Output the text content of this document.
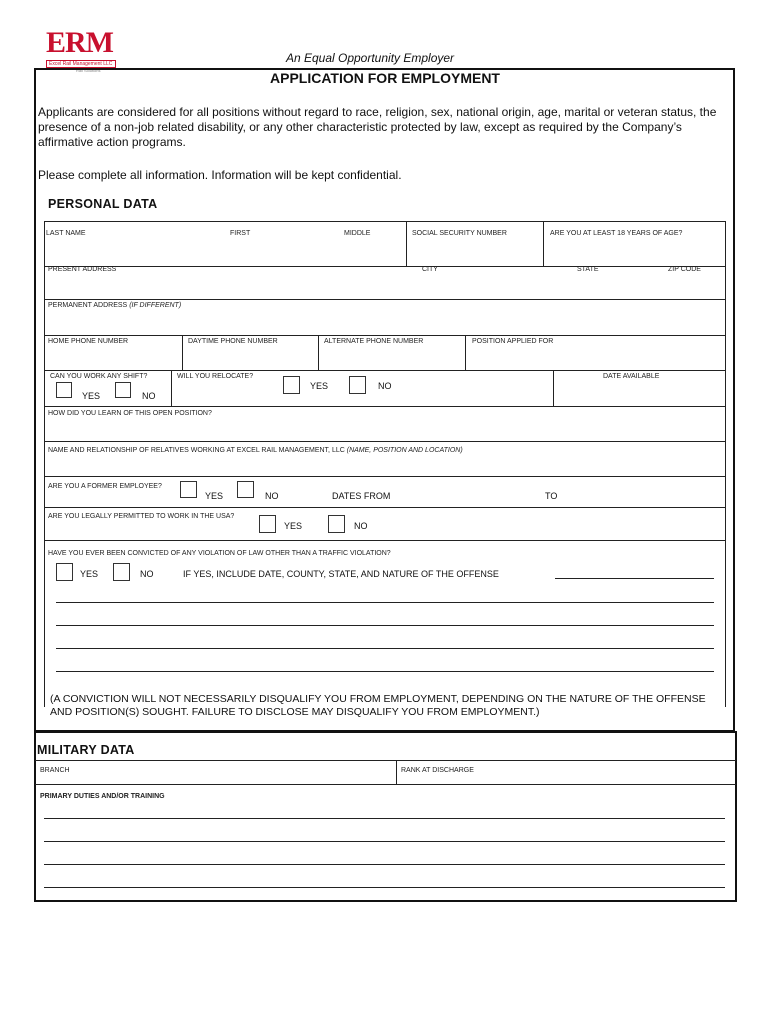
ERM
Excel Rail Management LLC
Rail Solutions
An Equal Opportunity Employer
APPLICATION FOR EMPLOYMENT
Applicants are considered for all positions without regard to race, religion, sex, national origin, age, marital or veteran status, the presence of a non-job related disability, or any other characteristic protected by law, except as required by the Company’s affirmative action programs.
Please complete all information. Information will be kept confidential.
PERSONAL DATA
LAST NAME	FIRST	MIDDLE	SOCIAL SECURITY NUMBER	ARE YOU AT LEAST 18 YEARS OF AGE?
PRESENT ADDRESS	CITY	STATE	ZIP CODE
PERMANENT ADDRESS (IF DIFFERENT)
HOME PHONE NUMBER	DAYTIME PHONE NUMBER	ALTERNATE PHONE NUMBER	POSITION APPLIED FOR
CAN YOU WORK ANY SHIFT?
YES	NO
WILL YOU RELOCATE?
YES	NO
DATE AVAILABLE
HOW DID YOU LEARN OF THIS OPEN POSITION?
NAME AND RELATIONSHIP OF RELATIVES WORKING AT EXCEL RAIL MANAGEMENT, LLC (NAME, POSITION AND LOCATION)
ARE YOU A FORMER EMPLOYEE?
YES	NO	DATES FROM	TO
ARE YOU LEGALLY PERMITTED TO WORK IN THE USA?
YES	NO
HAVE YOU EVER BEEN CONVICTED OF ANY VIOLATION OF LAW OTHER THAN A TRAFFIC VIOLATION?
YES	NO	IF YES, INCLUDE DATE, COUNTY, STATE, AND NATURE OF THE OFFENSE
(A CONVICTION WILL NOT NECESSARILY DISQUALIFY YOU FROM EMPLOYMENT, DEPENDING ON THE NATURE OF THE OFFENSE AND POSITION(S) SOUGHT. FAILURE TO DISCLOSE MAY DISQUALIFY YOU FROM EMPLOYMENT.)
MILITARY DATA
BRANCH	RANK AT DISCHARGE
PRIMARY DUTIES AND/OR TRAINING
